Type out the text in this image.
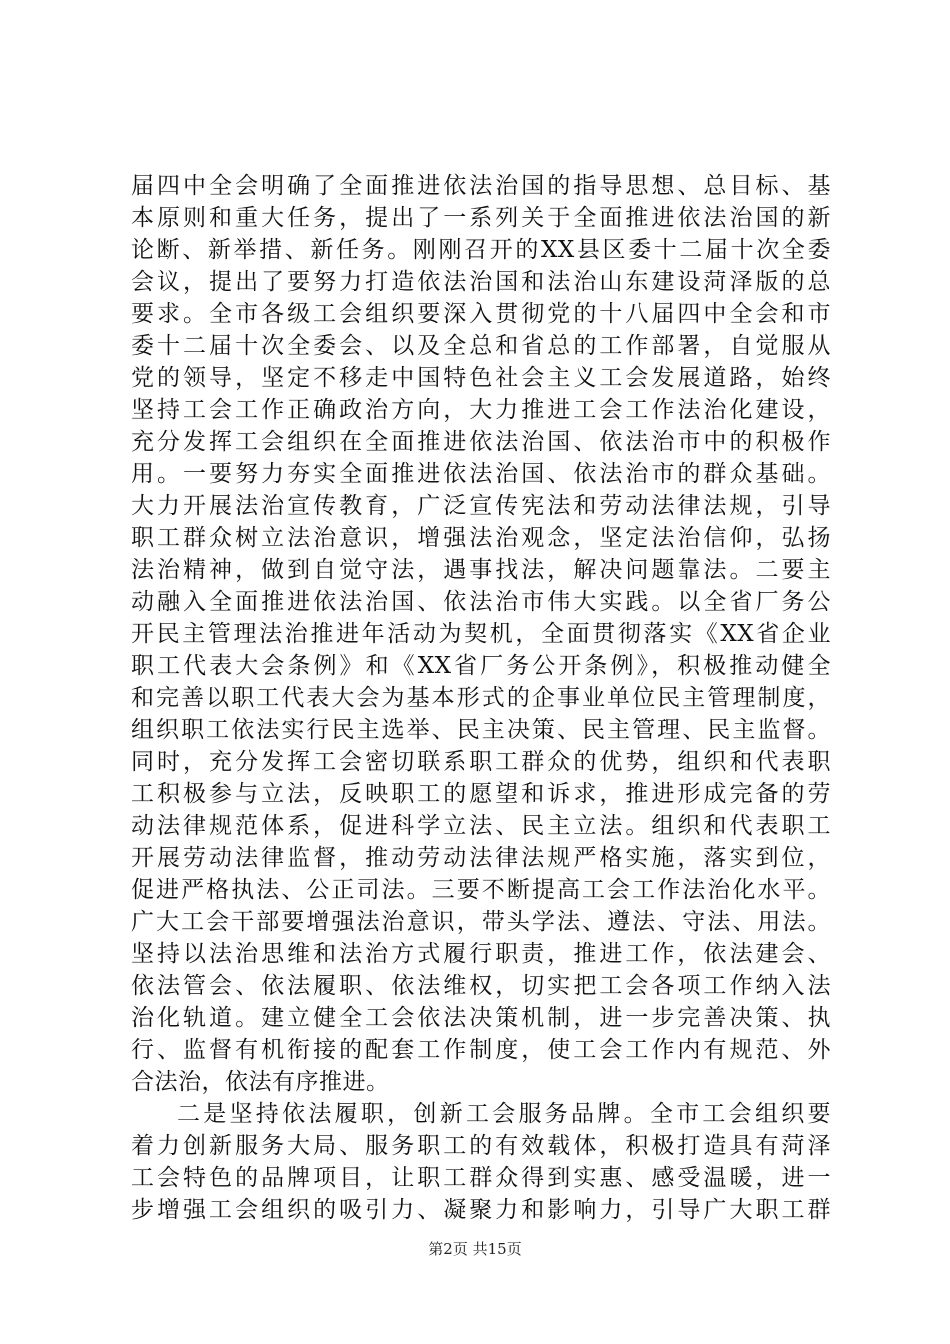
届四中全会明确了全面推进依法治国的指导思想、总目标、基
本原则和重大任务，提出了一系列关于全面推进依法治国的新
论断、新举措、新任务。刚刚召开的XX县区委十二届十次全委
会议，提出了要努力打造依法治国和法治山东建设菏泽版的总
要求。全市各级工会组织要深入贯彻党的十八届四中全会和市
委十二届十次全委会、以及全总和省总的工作部署，自觉服从
党的领导，坚定不移走中国特色社会主义工会发展道路，始终
坚持工会工作正确政治方向，大力推进工会工作法治化建设，
充分发挥工会组织在全面推进依法治国、依法治市中的积极作
用。一要努力夯实全面推进依法治国、依法治市的群众基础。
大力开展法治宣传教育，广泛宣传宪法和劳动法律法规，引导
职工群众树立法治意识，增强法治观念，坚定法治信仰，弘扬
法治精神，做到自觉守法，遇事找法，解决问题靠法。二要主
动融入全面推进依法治国、依法治市伟大实践。以全省厂务公
开民主管理法治推进年活动为契机，全面贯彻落实《XX省企业
职工代表大会条例》和《XX省厂务公开条例》，积极推动健全
和完善以职工代表大会为基本形式的企事业单位民主管理制度，
组织职工依法实行民主选举、民主决策、民主管理、民主监督。
同时，充分发挥工会密切联系职工群众的优势，组织和代表职
工积极参与立法，反映职工的愿望和诉求，推进形成完备的劳
动法律规范体系，促进科学立法、民主立法。组织和代表职工
开展劳动法律监督，推动劳动法律法规严格实施，落实到位，
促进严格执法、公正司法。三要不断提高工会工作法治化水平。
广大工会干部要增强法治意识，带头学法、遵法、守法、用法。
坚持以法治思维和法治方式履行职责，推进工作，依法建会、
依法管会、依法履职、依法维权，切实把工会各项工作纳入法
治化轨道。建立健全工会依法决策机制，进一步完善决策、执
行、监督有机衔接的配套工作制度，使工会工作内有规范、外
合法治，依法有序推进。
二是坚持依法履职，创新工会服务品牌。全市工会组织要
着力创新服务大局、服务职工的有效载体，积极打造具有菏泽
工会特色的品牌项目，让职工群众得到实惠、感受温暖，进一
步增强工会组织的吸引力、凝聚力和影响力，引导广大职工群
第2页 共15页
